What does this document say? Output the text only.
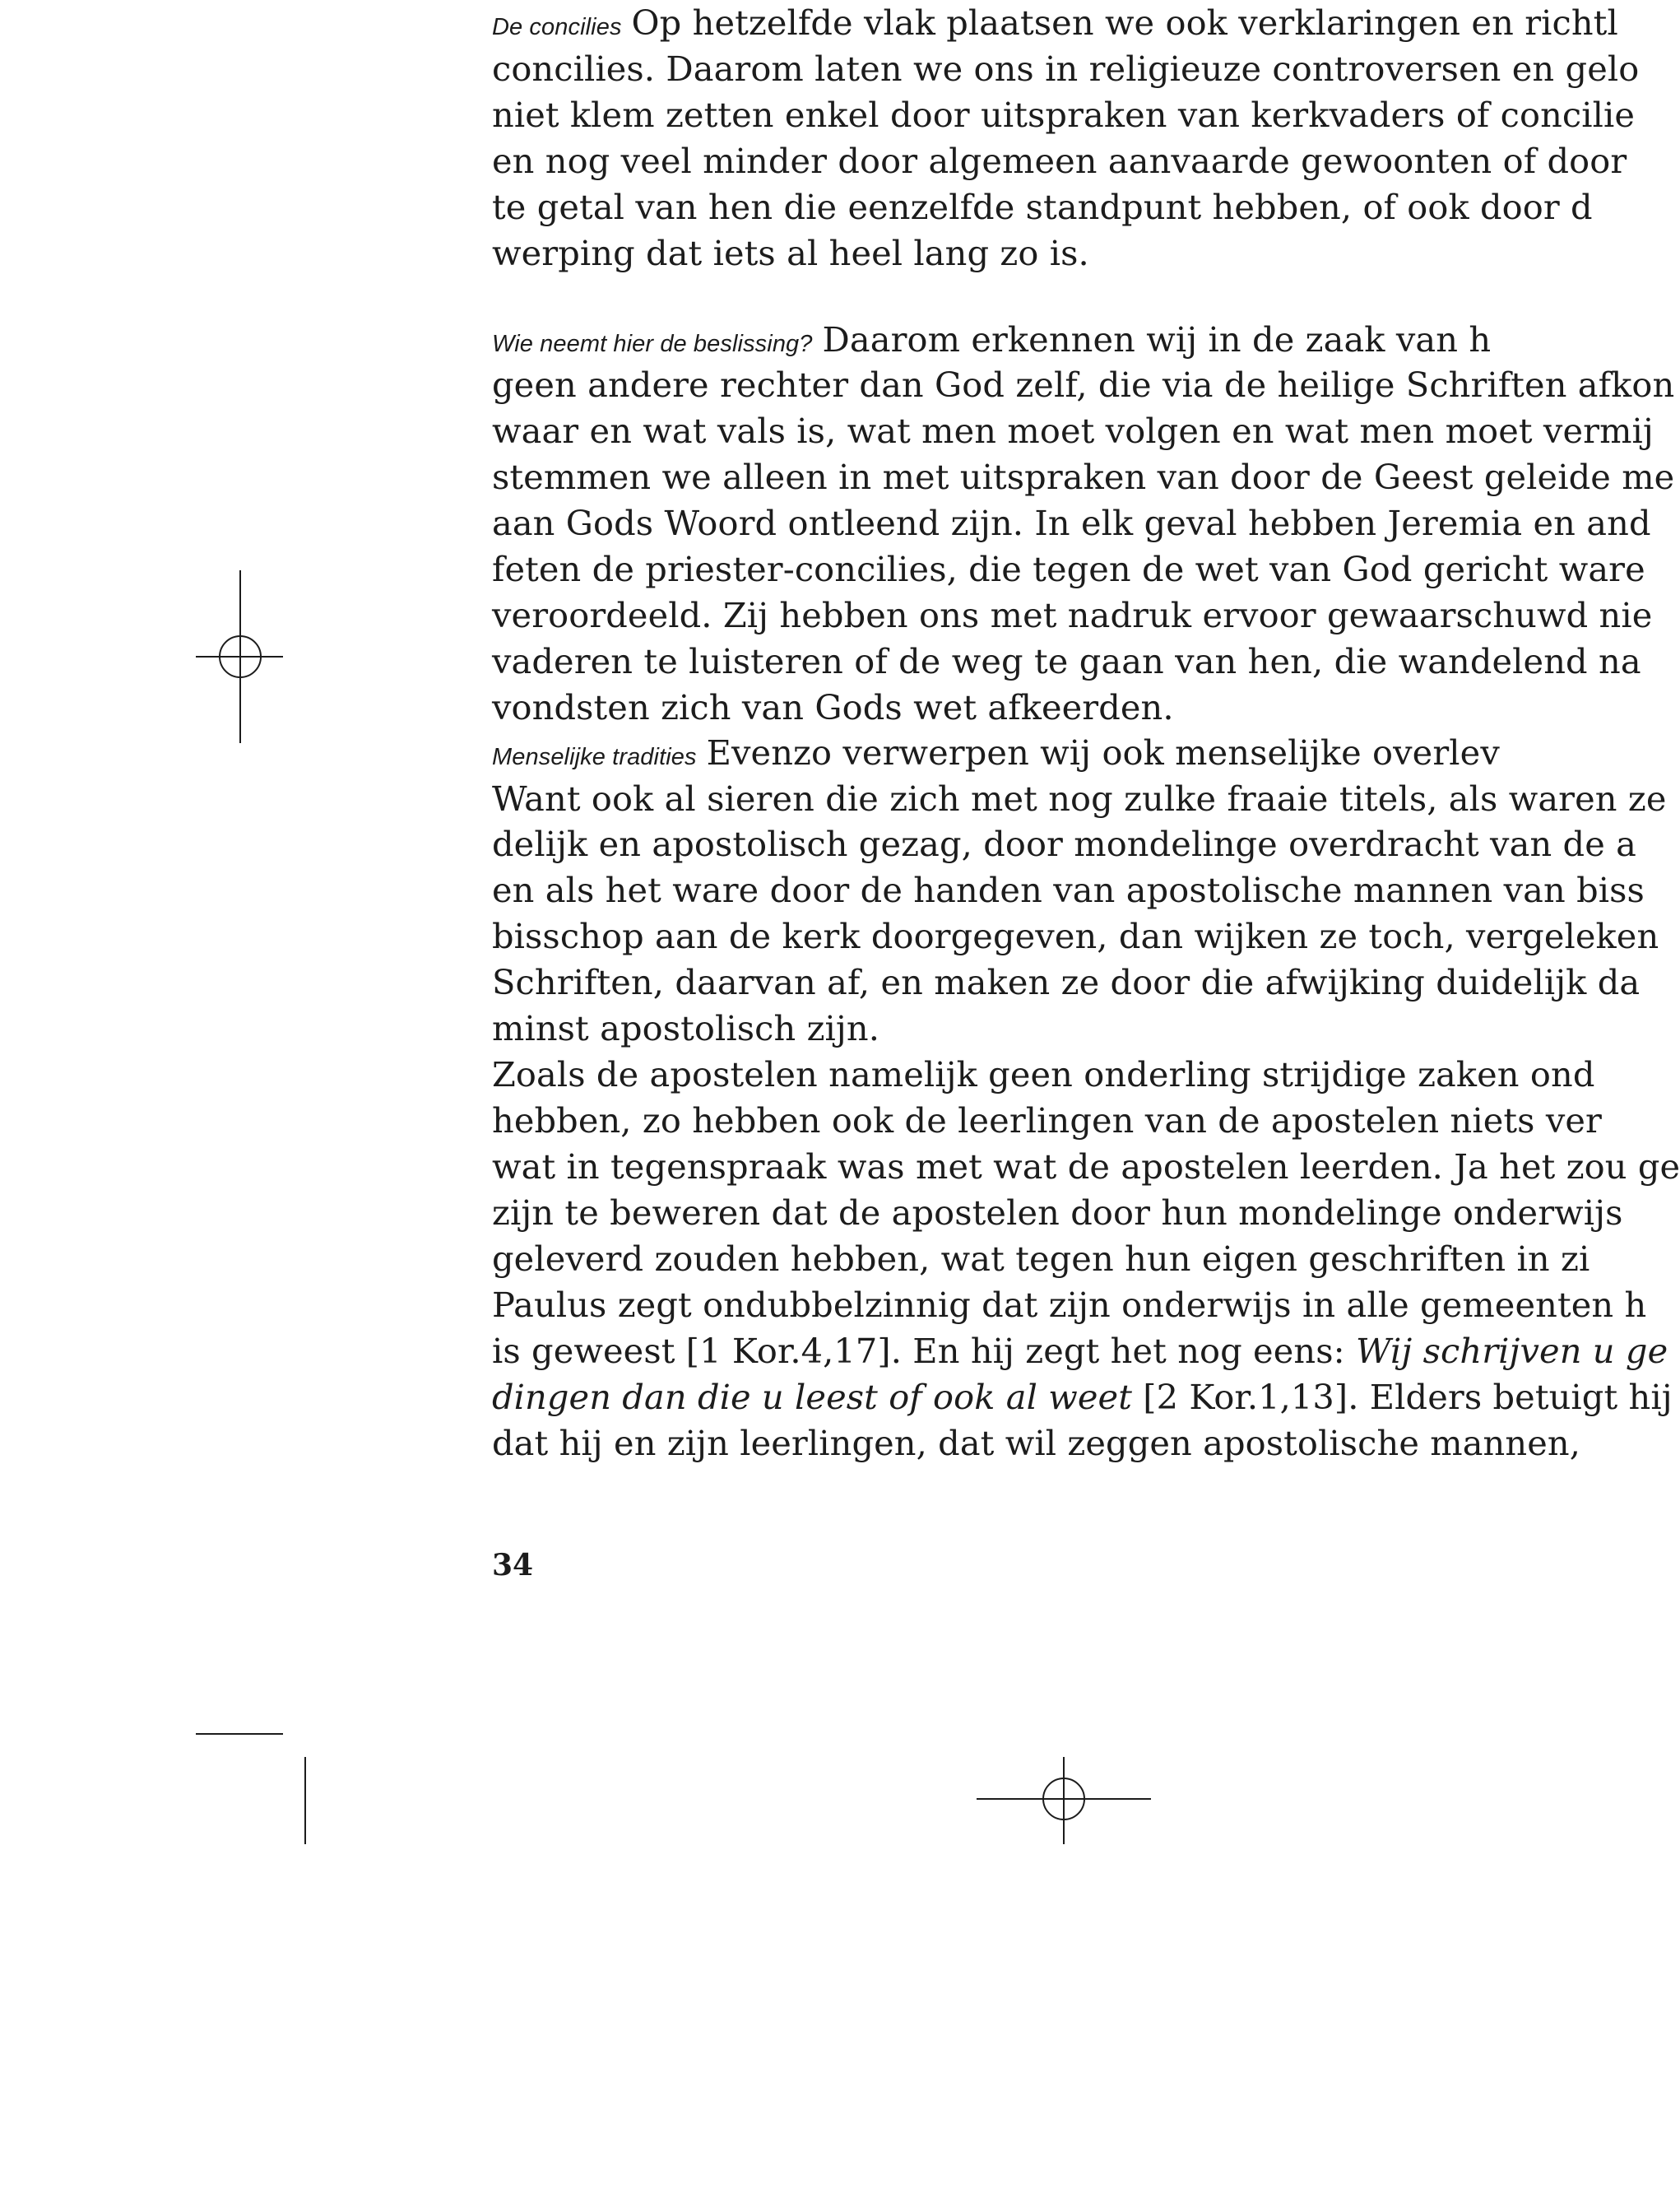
De concilies Op hetzelfde vlak plaatsen we ook verklaringen en richtl
concilies. Daarom laten we ons in religieuze controversen en gelo
niet klem zetten enkel door uitspraken van kerkvaders of concilie
en nog veel minder door algemeen aanvaarde gewoonten of door
te getal van hen die eenzelfde standpunt hebben, of ook door d
werping dat iets al heel lang zo is.
Wie neemt hier de beslissing? Daarom erkennen wij in de zaak van h
geen andere rechter dan God zelf, die via de heilige Schriften afkon
waar en wat vals is, wat men moet volgen en wat men moet vermij
stemmen we alleen in met uitspraken van door de Geest geleide me
aan Gods Woord ontleend zijn. In elk geval hebben Jeremia en and
feten de priester-concilies, die tegen de wet van God gericht ware
veroordeeld. Zij hebben ons met nadruk ervoor gewaarschuwd nie
vaderen te luisteren of de weg te gaan van hen, die wandelend na
vondsten zich van Gods wet afkeerden.
Menselijke tradities Evenzo verwerpen wij ook menselijke overlev
Want ook al sieren die zich met nog zulke fraaie titels, als waren ze
delijk en apostolisch gezag, door mondelinge overdracht van de a
en als het ware door de handen van apostolische mannen van biss
bisschop aan de kerk doorgegeven, dan wijken ze toch, vergeleken
Schriften, daarvan af, en maken ze door die afwijking duidelijk da
minst apostolisch zijn.
Zoals de apostelen namelijk geen onderling strijdige zaken ond
hebben, zo hebben ook de leerlingen van de apostelen niets ver
wat in tegenspraak was met wat de apostelen leerden. Ja het zou ge
zijn te beweren dat de apostelen door hun mondelinge onderwijs
geleverd zouden hebben, wat tegen hun eigen geschriften in zi
Paulus zegt ondubbelzinnig dat zijn onderwijs in alle gemeenten h
is geweest [1 Kor.4,17]. En hij zegt het nog eens: Wij schrijven u ge
dingen dan die u leest of ook al weet [2 Kor.1,13]. Elders betuigt hij
dat hij en zijn leerlingen, dat wil zeggen apostolische mannen,
34
